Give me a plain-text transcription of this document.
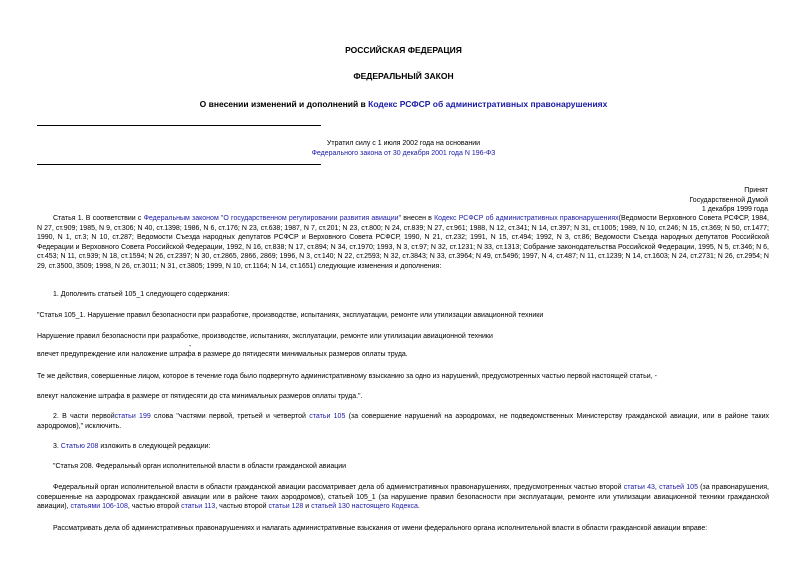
РОССИЙСКАЯ ФЕДЕРАЦИЯ
ФЕДЕРАЛЬНЫЙ ЗАКОН
О внесении изменений и дополнений в Кодекс РСФСР об административных правонарушениях
Утратил силу с 1 июля 2002 года на основании
Федерального закона от 30 декабря 2001 года N 196-ФЗ
Принят
Государственной Думой
1 декабря 1999 года
Статья 1. В соответствии с Федеральным законом "О государственном регулировании развития авиации" внесен в Кодекс РСФСР об административных правонарушениях(Ведомости Верховного Совета РСФСР, 1984, N 27, ст.909; 1985, N 9, ст.306; N 40, ст.1398; 1986, N 6, ст.176; N 23, ст.638; 1987, N 7, ст.201; N 23, ст.800; N 24, ст.839; N 27, ст.961; 1988, N 12, ст.341; N 14, ст.397; N 31, ст.1005; 1989, N 10, ст.246; N 15, ст.369; N 50, ст.1477; 1990, N 1, ст.3; N 10, ст.287; Ведомости Съезда народных депутатов РСФСР и Верховного Совета РСФСР, 1990, N 21, ст.232; 1991, N 15, ст.494; 1992, N 3, ст.86; Ведомости Съезда народных депутатов Российской Федерации и Верховного Совета Российской Федерации, 1992, N 16, ст.838; N 17, ст.894; N 34, ст.1970; 1993, N 3, ст.97; N 32, ст.1231; N 33, ст.1313; Собрание законодательства Российской Федерации, 1995, N 5, ст.346; N 6, ст.453; N 11, ст.939; N 18, ст.1594; N 26, ст.2397; N 30, ст.2865, 2866, 2869; 1996, N 3, ст.140; N 22, ст.2593; N 32, ст.3843; N 33, ст.3964; N 49, ст.5496; 1997, N 4, ст.487; N 11, ст.1239; N 14, ст.1603; N 24, ст.2731; N 26, ст.2954; N 29, ст.3500, 3509; 1998, N 26, ст.3011; N 31, ст.3805; 1999, N 10, ст.1164; N 14, ст.1651) следующие изменения и дополнения:
1. Дополнить статьей 105_1 следующего содержания:
"Статья 105_1. Нарушение правил безопасности при разработке, производстве, испытаниях, эксплуатации, ремонте или утилизации авиационной техники
Нарушение правил безопасности при разработке, производстве, испытаниях, эксплуатации, ремонте или утилизации авиационной техники
-
влечет предупреждение или наложение штрафа в размере до пятидесяти минимальных размеров оплаты труда.
Те же действия, совершенные лицом, которое в течение года было подвергнуто административному взысканию за одно из нарушений, предусмотренных частью первой настоящей статьи, -
влекут наложение штрафа в размере от пятидесяти до ста минимальных размеров оплаты труда.".
2. В части первойстатьи 199 слова "частями первой, третьей и четвертой статьи 105 (за совершение нарушений на аэродромах, не подведомственных Министерству гражданской авиации, или в районе таких аэродромов)," исключить.
3. Статью 208 изложить в следующей редакции:
"Статья 208. Федеральный орган исполнительной власти в области гражданской авиации
Федеральный орган исполнительной власти в области гражданской авиации рассматривает дела об административных правонарушениях, предусмотренных частью второй статьи 43, статьей 105 (за правонарушения, совершенные на аэродромах гражданской авиации или в районе таких аэродромов), статьей 105_1 (за нарушение правил безопасности при эксплуатации, ремонте или утилизации авиационной техники гражданской авиации), статьями 106-108, частью второй статьи 113, частью второй статьи 128 и статьей 130 настоящего Кодекса.
Рассматривать дела об административных правонарушениях и налагать административные взыскания от имени федерального органа исполнительной власти в области гражданской авиации вправе:
